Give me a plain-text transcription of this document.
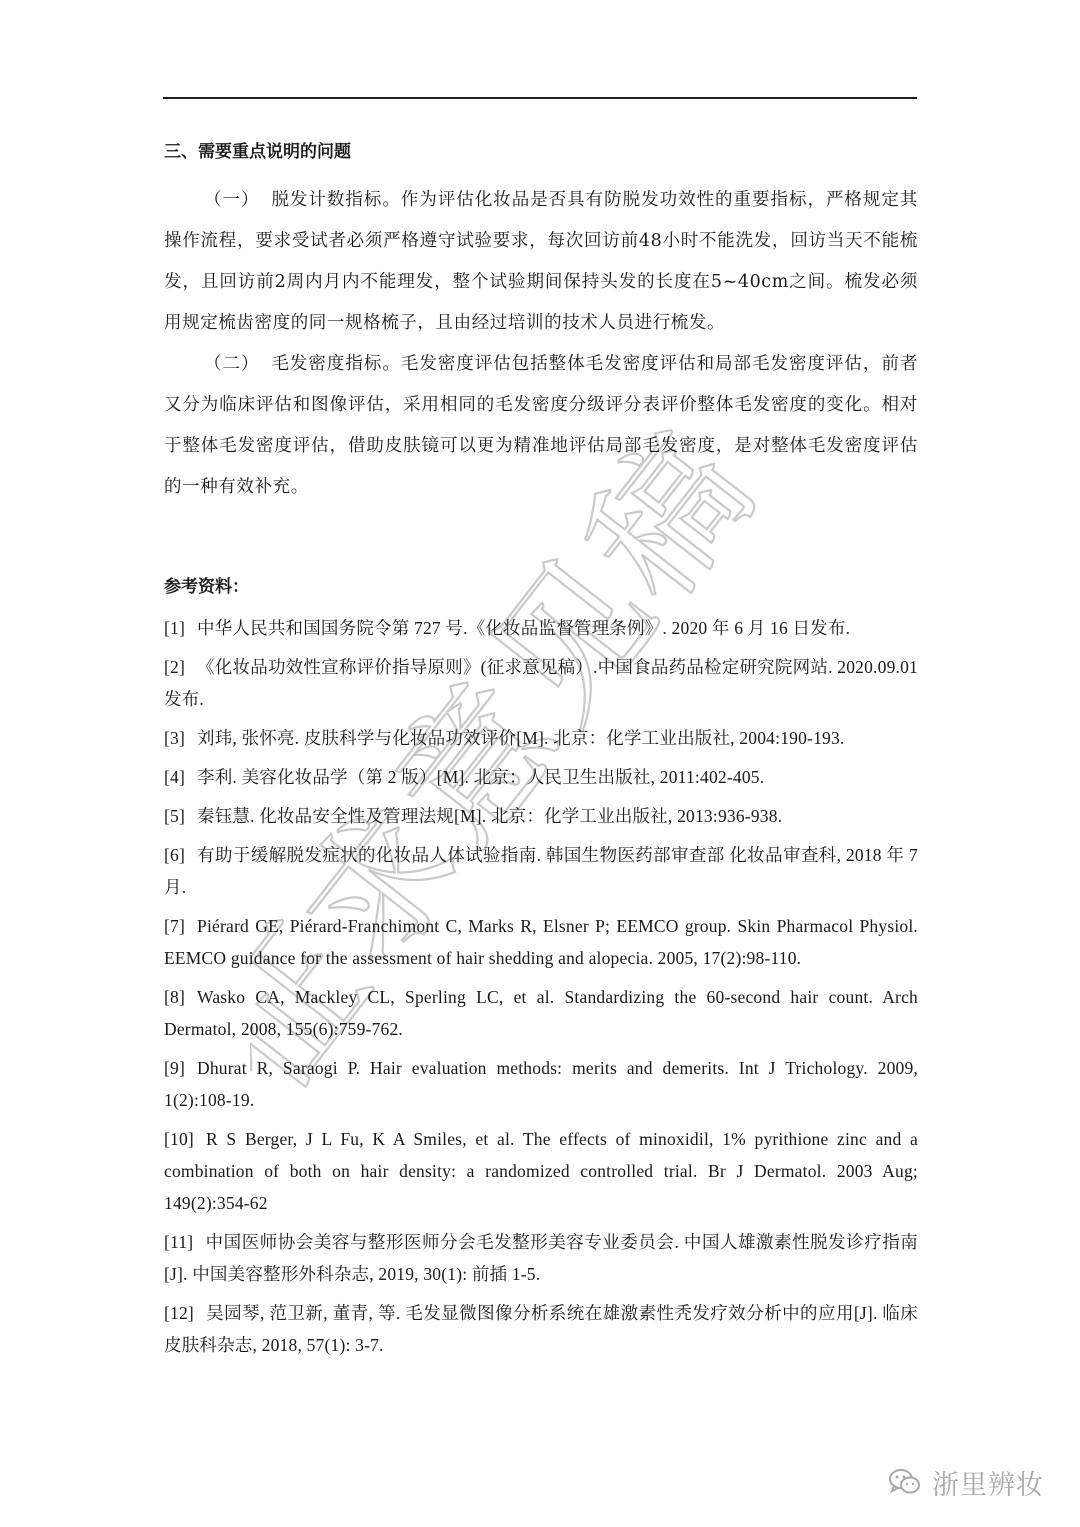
征求意见稿
三、需要重点说明的问题

（一） 脱发计数指标。作为评估化妆品是否具有防脱发功效性的重要指标，严格规定其操作流程，要求受试者必须严格遵守试验要求，每次回访前48小时不能洗发，回访当天不能梳发，且回访前2周内月内不能理发，整个试验期间保持头发的长度在5~40cm之间。梳发必须用规定梳齿密度的同一规格梳子，且由经过培训的技术人员进行梳发。

（二） 毛发密度指标。毛发密度评估包括整体毛发密度评估和局部毛发密度评估，前者又分为临床评估和图像评估，采用相同的毛发密度分级评分表评价整体毛发密度的变化。相对于整体毛发密度评估，借助皮肤镜可以更为精准地评估局部毛发密度，是对整体毛发密度评估的一种有效补充。

参考资料：
[1] 中华人民共和国国务院令第 727 号.《化妆品监督管理条例》. 2020 年 6 月 16 日发布.
[2] 《化妆品功效性宣称评价指导原则》(征求意见稿）.中国食品药品检定研究院网站. 2020.09.01 发布.
[3] 刘玮, 张怀亮. 皮肤科学与化妆品功效评价[M]. 北京：化学工业出版社, 2004:190-193.
[4] 李利. 美容化妆品学（第 2 版）[M]. 北京：人民卫生出版社, 2011:402-405.
[5] 秦钰慧. 化妆品安全性及管理法规[M]. 北京：化学工业出版社, 2013:936-938.
[6] 有助于缓解脱发症状的化妆品人体试验指南. 韩国生物医药部审查部 化妆品审查科, 2018 年 7 月.
[7] Piérard GE, Piérard-Franchimont C, Marks R, Elsner P; EEMCO group. Skin Pharmacol Physiol. EEMCO guidance for the assessment of hair shedding and alopecia. 2005, 17(2):98-110.
[8] Wasko CA, Mackley CL, Sperling LC, et al. Standardizing the 60-second hair count. Arch Dermatol, 2008, 155(6):759-762.
[9] Dhurat R, Saraogi P. Hair evaluation methods: merits and demerits. Int J Trichology. 2009, 1(2):108-19.
[10] R S Berger, J L Fu, K A Smiles, et al. The effects of minoxidil, 1% pyrithione zinc and a combination of both on hair density: a randomized controlled trial. Br J Dermatol. 2003 Aug; 149(2):354-62
[11] 中国医师协会美容与整形医师分会毛发整形美容专业委员会. 中国人雄激素性脱发诊疗指南[J]. 中国美容整形外科杂志, 2019, 30(1): 前插 1-5.
[12] 吴园琴, 范卫新, 董青, 等. 毛发显微图像分析系统在雄激素性秃发疗效分析中的应用[J]. 临床皮肤科杂志, 2018, 57(1): 3-7.
浙里辨妆
